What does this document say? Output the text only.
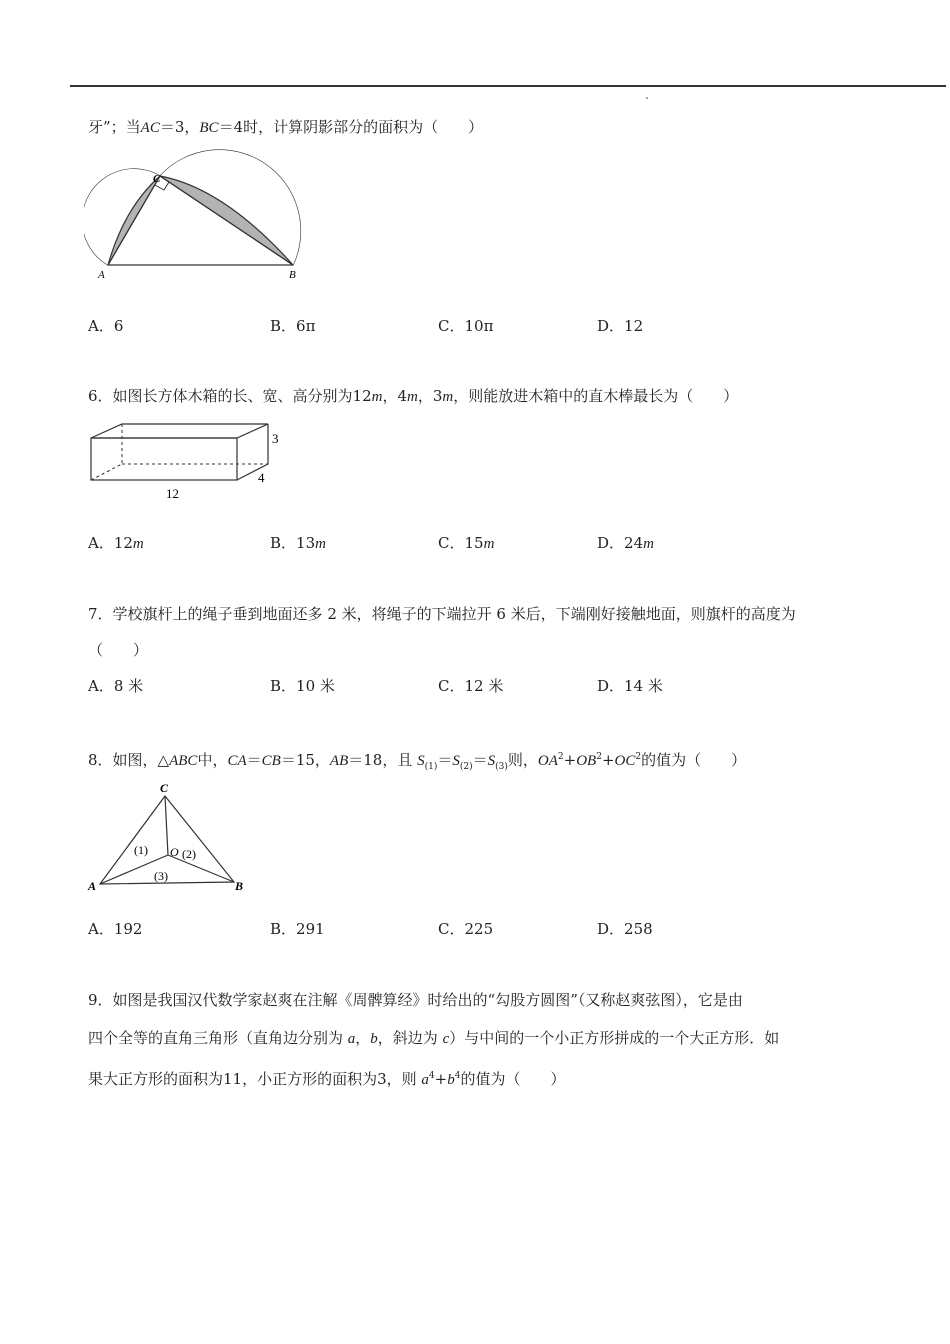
牙”；当AC＝3，BC＝4时，计算阴影部分的面积为（　　）
A	B
C
A．6	B．6π	C．10π	D．12
6．如图长方体木箱的长、宽、高分别为12m，4m，3m，则能放进木箱中的直木棒最长为（　　）
12
4
3
A．12m	B．13m	C．15m	D．24m
7．学校旗杆上的绳子垂到地面还多 2 米，将绳子的下端拉开 6 米后，下端刚好接触地面，则旗杆的高度为
（　　）
A．8 米	B．10 米	C．12 米	D．14 米
8．如图，△ABC中，CA＝CB＝15，AB＝18，且 $S_{(1)}=S_{(2)}=S_{(3)}$则，$OA^2+OB^2+OC^2$的值为（　　）
C
A	B
O
(1)	(2)
(3)
A．192	B．291	C．225	D．258
9．如图是我国汉代数学家赵爽在注解《周髀算经》时给出的“勾股方圆图”（又称赵爽弦图），它是由
四个全等的直角三角形（直角边分别为 a，b，斜边为 c）与中间的一个小正方形拼成的一个大正方形．如
果大正方形的面积为11，小正方形的面积为3，则 $a^4+b^4$的值为（　　）
